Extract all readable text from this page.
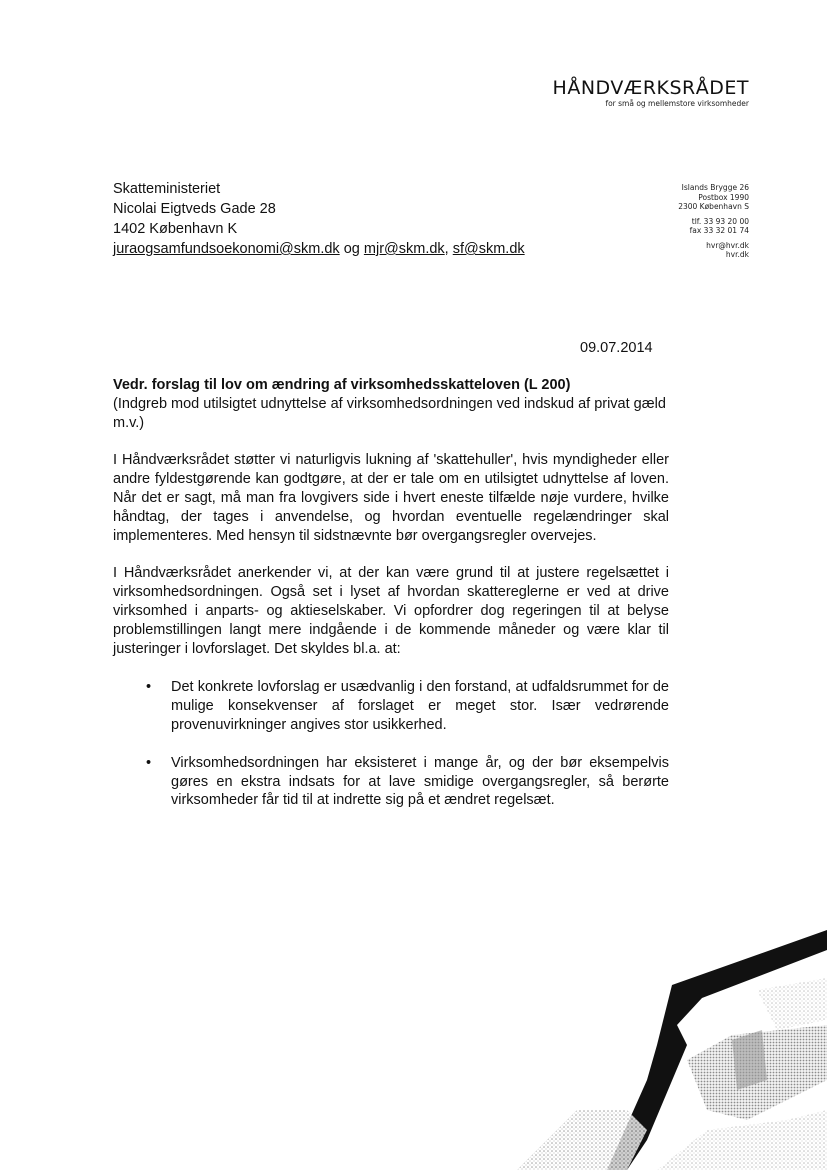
HÅNDVÆRKSRÅDET
for små og mellemstore virksomheder
Islands Brygge 26
Postbox 1990
2300 København S
tlf. 33 93 20 00
fax 33 32 01 74
hvr@hvr.dk
hvr.dk
Skatteministeriet
Nicolai Eigtveds Gade 28
1402 København K
juraogsamfundsoekonomi@skm.dk og mjr@skm.dk, sf@skm.dk
09.07.2014
Vedr. forslag til lov om ændring af virksomhedsskatteloven (L 200)
(Indgreb mod utilsigtet udnyttelse af virksomhedsordningen ved indskud af privat gæld m.v.)
I Håndværksrådet støtter vi naturligvis lukning af 'skattehuller', hvis myndigheder eller andre fyldestgørende kan godtgøre, at der er tale om en utilsigtet udnyttelse af loven. Når det er sagt, må man fra lovgivers side i hvert eneste tilfælde nøje vurdere, hvilke håndtag, der tages i anvendelse, og hvordan eventuelle regelændringer skal implementeres. Med hensyn til sidstnævnte bør overgangsregler overvejes.
I Håndværksrådet anerkender vi, at der kan være grund til at justere regelsættet i virksomhedsordningen. Også set i lyset af hvordan skattereglerne er ved at drive virksomhed i anparts- og aktieselskaber. Vi opfordrer dog regeringen til at belyse problemstillingen langt mere indgående i de kommende måneder og være klar til justeringer i lovforslaget. Det skyldes bl.a. at:
• Det konkrete lovforslag er usædvanlig i den forstand, at udfaldsrummet for de mulige konsekvenser af forslaget er meget stor. Især vedrørende provenuvirkninger angives stor usikkerhed.
• Virksomhedsordningen har eksisteret i mange år, og der bør eksempelvis gøres en ekstra indsats for at lave smidige overgangsregler, så berørte virksomheder får tid til at indrette sig på et ændret regelsæt.
